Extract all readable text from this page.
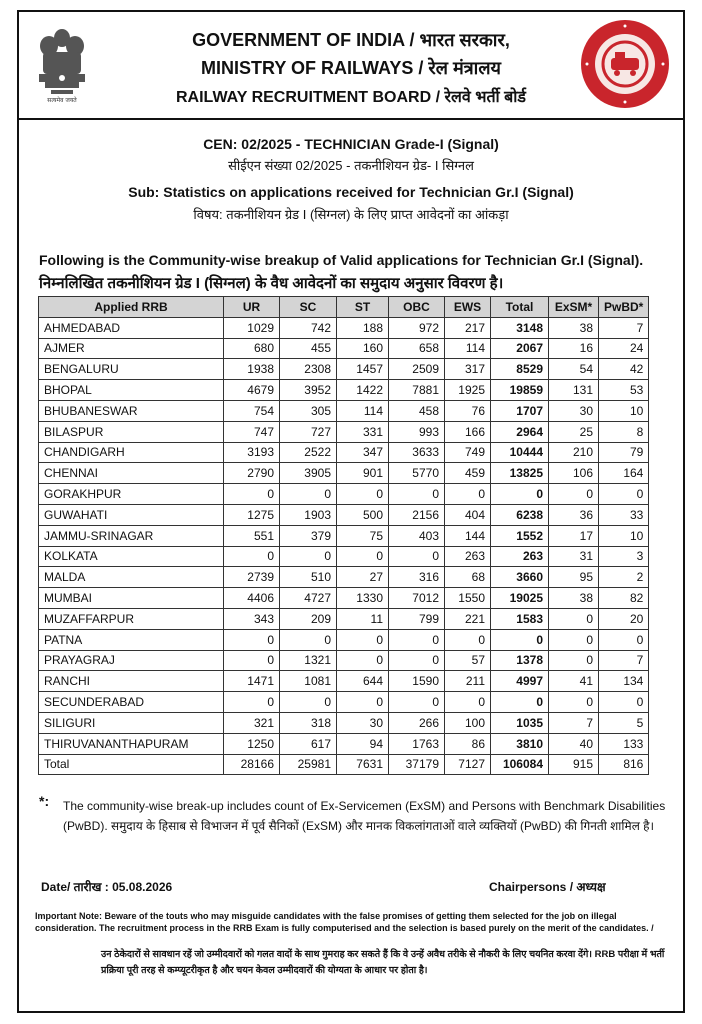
सत्यमेव जयते
GOVERNMENT OF INDIA / भारत सरकार,
MINISTRY OF RAILWAYS / रेल मंत्रालय
RAILWAY RECRUITMENT BOARD / रेलवे भर्ती बोर्ड
CEN: 02/2025 - TECHNICIAN Grade-I (Signal)
सीईएन संख्या 02/2025 - तकनीशियन ग्रेड- I सिग्नल
Sub: Statistics on applications received for Technician Gr.I (Signal)
विषय: तकनीशियन ग्रेड I (सिग्नल) के लिए प्राप्त आवेदनों का आंकड़ा
Following is the Community-wise breakup of Valid applications for Technician Gr.I (Signal).
निम्नलिखित तकनीशियन ग्रेड I (सिग्नल) के वैध आवेदनों का समुदाय अनुसार विवरण है।
Applied RRB	UR	SC	ST	OBC	EWS	Total	ExSM*	PwBD*
AHMEDABAD	1029	742	188	972	217	3148	38	7
AJMER	680	455	160	658	114	2067	16	24
BENGALURU	1938	2308	1457	2509	317	8529	54	42
BHOPAL	4679	3952	1422	7881	1925	19859	131	53
BHUBANESWAR	754	305	114	458	76	1707	30	10
BILASPUR	747	727	331	993	166	2964	25	8
CHANDIGARH	3193	2522	347	3633	749	10444	210	79
CHENNAI	2790	3905	901	5770	459	13825	106	164
GORAKHPUR	0	0	0	0	0	0	0	0
GUWAHATI	1275	1903	500	2156	404	6238	36	33
JAMMU-SRINAGAR	551	379	75	403	144	1552	17	10
KOLKATA	0	0	0	0	263	263	31	3
MALDA	2739	510	27	316	68	3660	95	2
MUMBAI	4406	4727	1330	7012	1550	19025	38	82
MUZAFFARPUR	343	209	11	799	221	1583	0	20
PATNA	0	0	0	0	0	0	0	0
PRAYAGRAJ	0	1321	0	0	57	1378	0	7
RANCHI	1471	1081	644	1590	211	4997	41	134
SECUNDERABAD	0	0	0	0	0	0	0	0
SILIGURI	321	318	30	266	100	1035	7	5
THIRUVANANTHAPURAM	1250	617	94	1763	86	3810	40	133
Total	28166	25981	7631	37179	7127	106084	915	816
*: The community-wise break-up includes count of Ex-Servicemen (ExSM) and Persons with Benchmark Disabilities (PwBD). समुदाय के हिसाब से विभाजन में पूर्व सैनिकों (ExSM) और मानक विकलांगताओं वाले व्यक्तियों (PwBD) की गिनती शामिल है।
Date/ तारीख : 05.08.2026	Chairpersons / अध्यक्ष
Important Note: Beware of the touts who may misguide candidates with the false promises of getting them selected for the job on illegal consideration. The recruitment process in the RRB Exam is fully computerised and the selection is based purely on the merit of the candidates. /
उन ठेकेदारों से सावधान रहें जो उम्मीदवारों को गलत वादों के साथ गुमराह कर सकते हैं कि वे उन्हें अवैध तरीके से नौकरी के लिए चयनित करवा देंगे। RRB परीक्षा में भर्ती प्रक्रिया पूरी तरह से कम्प्यूटरीकृत है और चयन केवल उम्मीदवारों की योग्यता के आधार पर होता है।
